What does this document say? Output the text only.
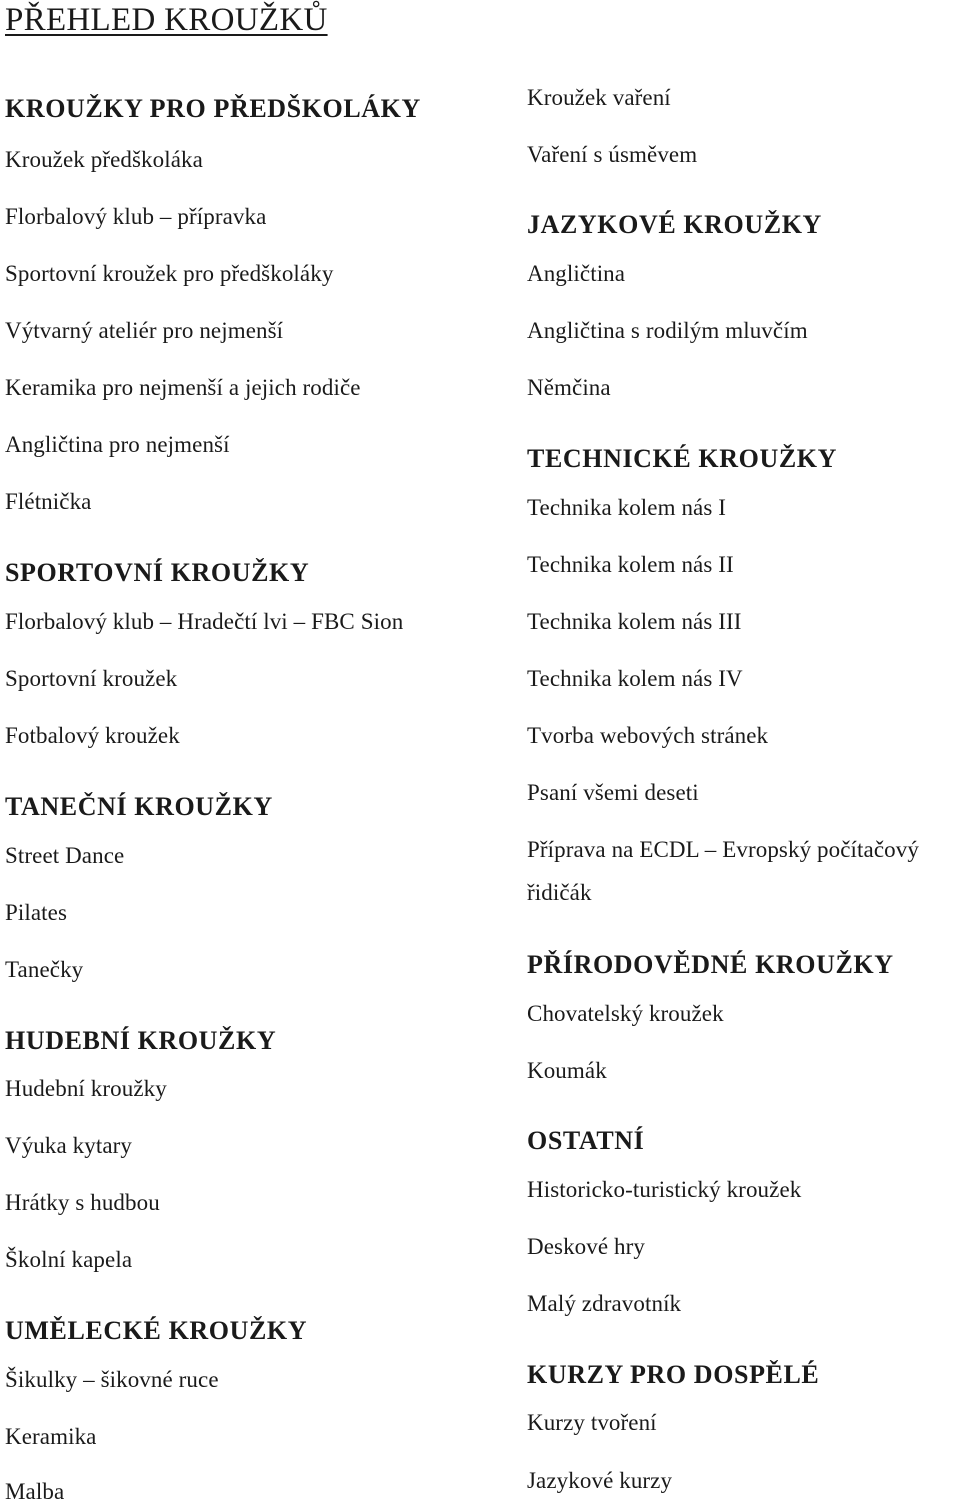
PŘEHLED KROUŽKŮ
KROUŽKY PRO PŘEDŠKOLÁKY
Kroužek předškoláka
Florbalový klub – přípravka
Sportovní kroužek pro předškoláky
Výtvarný ateliér pro nejmenší
Keramika pro nejmenší a jejich rodiče
Angličtina pro nejmenší
Flétnička
SPORTOVNÍ KROUŽKY
Florbalový klub – Hradečtí lvi – FBC Sion
Sportovní kroužek
Fotbalový kroužek
TANEČNÍ KROUŽKY
Street Dance
Pilates
Tanečky
HUDEBNÍ KROUŽKY
Hudební kroužky
Výuka kytary
Hrátky s hudbou
Školní kapela
UMĚLECKÉ KROUŽKY
Šikulky – šikovné ruce
Keramika
Malba
Kroužek vaření
Vaření s úsměvem
JAZYKOVÉ KROUŽKY
Angličtina
Angličtina s rodilým mluvčím
Němčina
TECHNICKÉ KROUŽKY
Technika kolem nás I
Technika kolem nás II
Technika kolem nás III
Technika kolem nás IV
Tvorba webových stránek
Psaní všemi deseti
Příprava na ECDL – Evropský počítačový
řidičák
PŘÍRODOVĚDNÉ KROUŽKY
Chovatelský kroužek
Koumák
OSTATNÍ
Historicko-turistický kroužek
Deskové hry
Malý zdravotník
KURZY PRO DOSPĚLÉ
Kurzy tvoření
Jazykové kurzy
